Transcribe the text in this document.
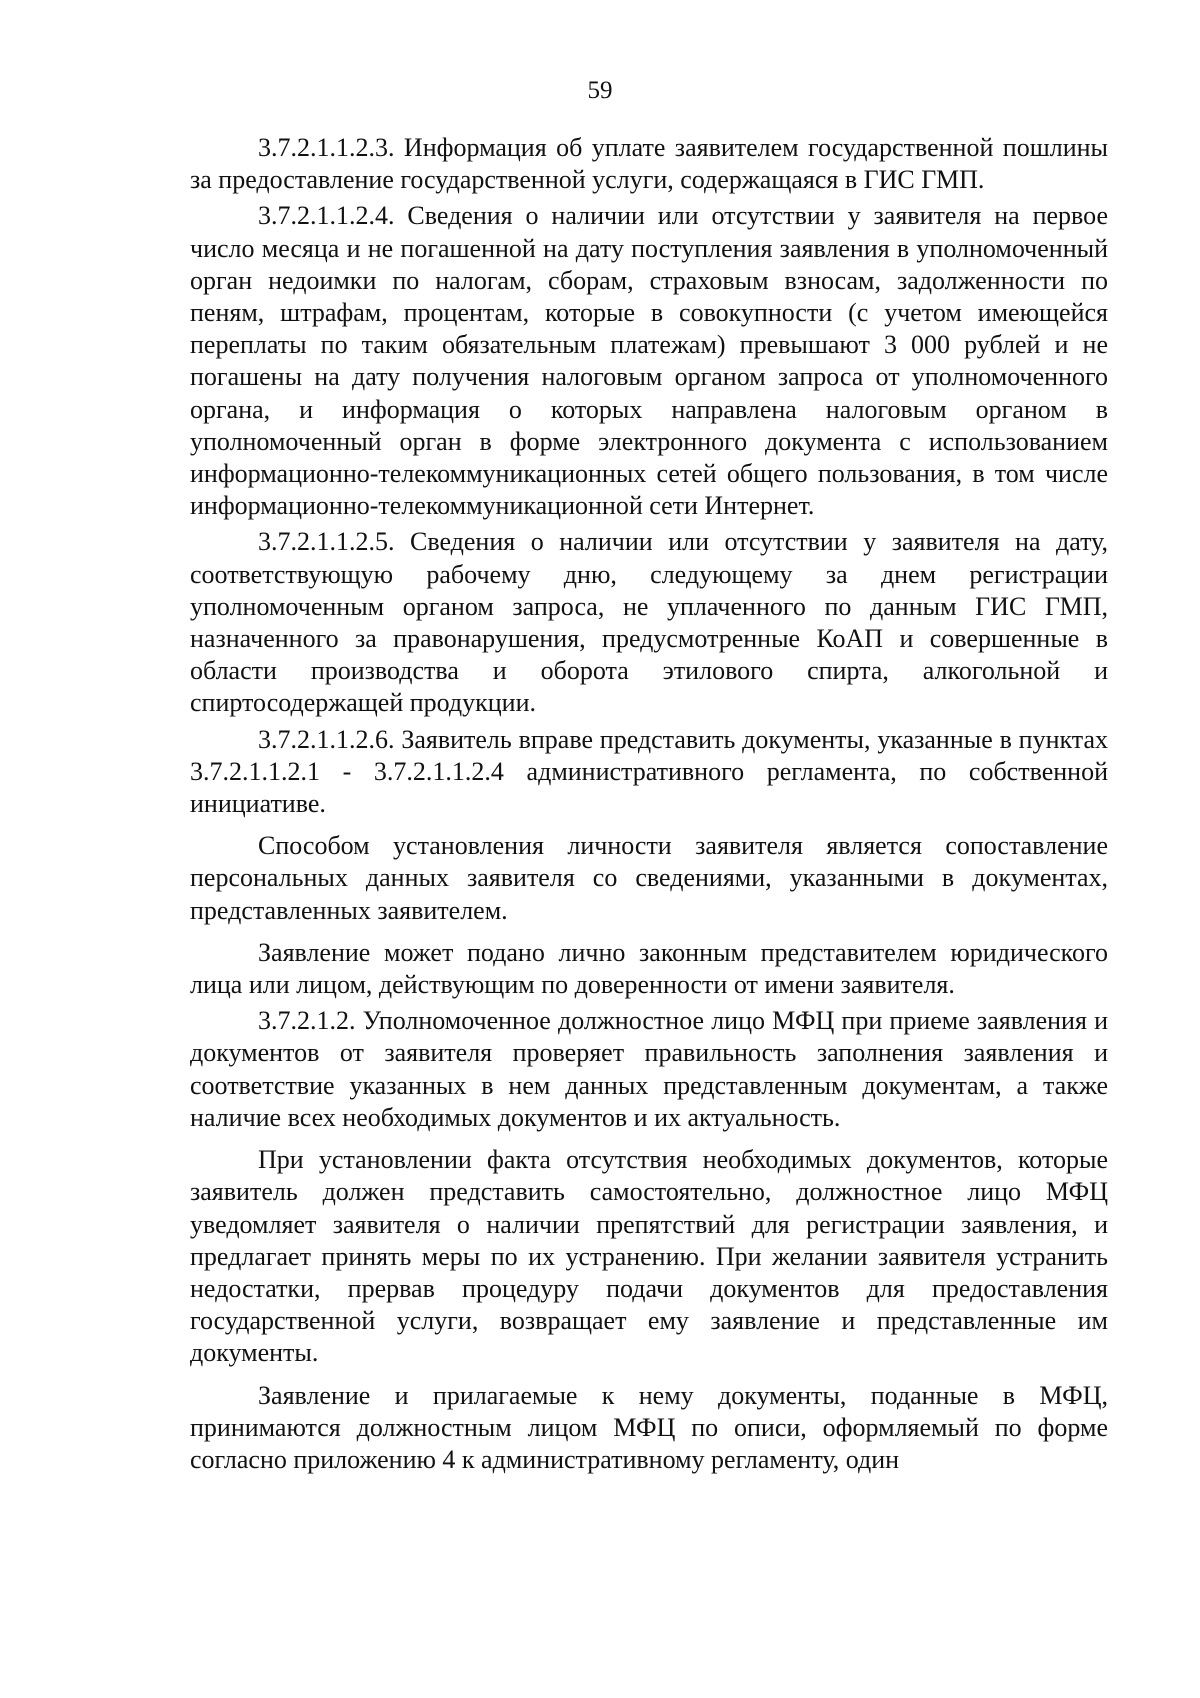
59

3.7.2.1.1.2.3. Информация об уплате заявителем государственной пошлины за предоставление государственной услуги, содержащаяся в ГИС ГМП.

3.7.2.1.1.2.4. Сведения о наличии или отсутствии у заявителя на первое число месяца и не погашенной на дату поступления заявления в уполномоченный орган недоимки по налогам, сборам, страховым взносам, задолженности по пеням, штрафам, процентам, которые в совокупности (с учетом имеющейся переплаты по таким обязательным платежам) превышают 3 000 рублей и не погашены на дату получения налоговым органом запроса от уполномоченного органа, и информация о которых направлена налоговым органом в уполномоченный орган в форме электронного документа с использованием информационно-телекоммуникационных сетей общего пользования, в том числе информационно-телекоммуникационной сети Интернет.

3.7.2.1.1.2.5. Сведения о наличии или отсутствии у заявителя на дату, соответствующую рабочему дню, следующему за днем регистрации уполномоченным органом запроса, не уплаченного по данным ГИС ГМП, назначенного за правонарушения, предусмотренные КоАП и совершенные в области производства и оборота этилового спирта, алкогольной и спиртосодержащей продукции.

3.7.2.1.1.2.6. Заявитель вправе представить документы, указанные в пунктах 3.7.2.1.1.2.1 - 3.7.2.1.1.2.4 административного регламента, по собственной инициативе.

Способом установления личности заявителя является сопоставление персональных данных заявителя со сведениями, указанными в документах, представленных заявителем.

Заявление может подано лично законным представителем юридического лица или лицом, действующим по доверенности от имени заявителя.

3.7.2.1.2. Уполномоченное должностное лицо МФЦ при приеме заявления и документов от заявителя проверяет правильность заполнения заявления и соответствие указанных в нем данных представленным документам, а также наличие всех необходимых документов и их актуальность.

При установлении факта отсутствия необходимых документов, которые заявитель должен представить самостоятельно, должностное лицо МФЦ уведомляет заявителя о наличии препятствий для регистрации заявления, и предлагает принять меры по их устранению. При желании заявителя устранить недостатки, прервав процедуру подачи документов для предоставления государственной услуги, возвращает ему заявление и представленные им документы.

Заявление и прилагаемые к нему документы, поданные в МФЦ, принимаются должностным лицом МФЦ по описи, оформляемый по форме согласно приложению 4 к административному регламенту, один
